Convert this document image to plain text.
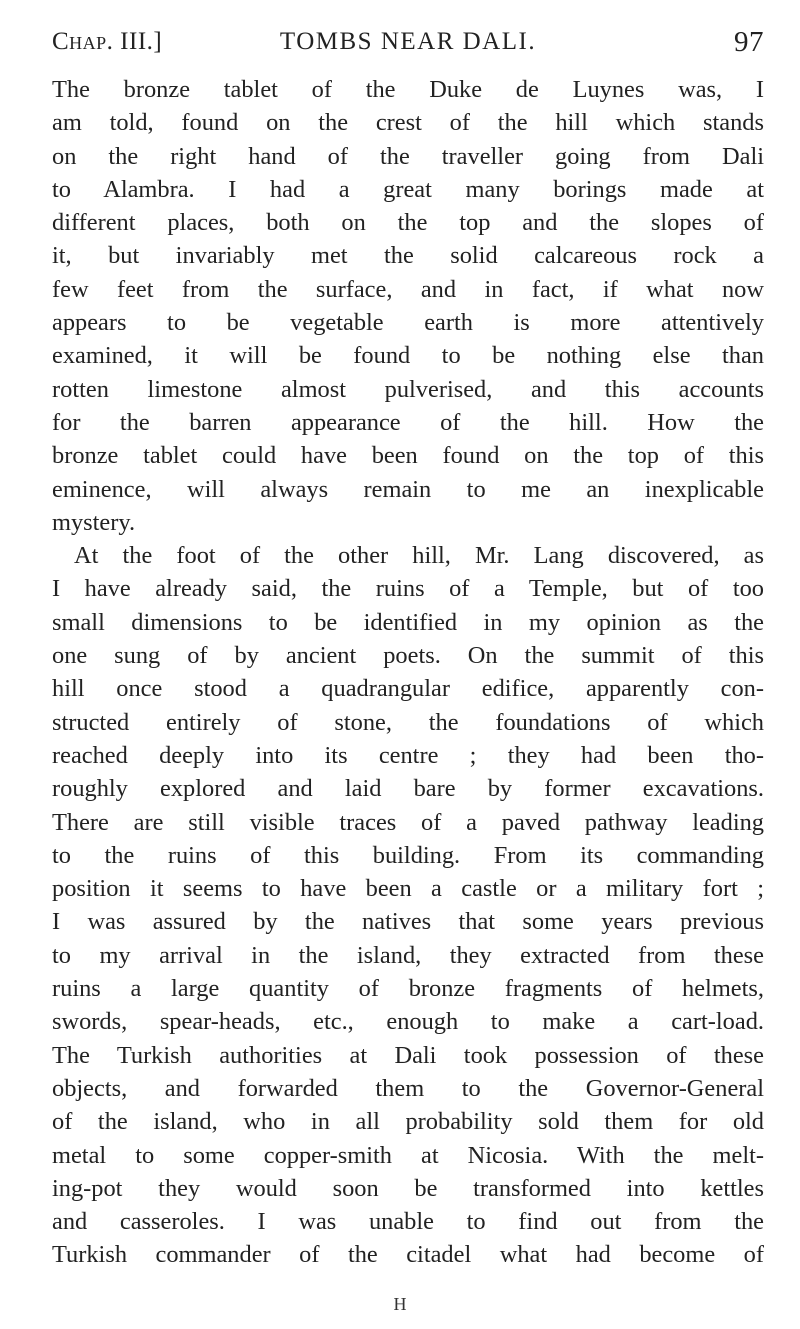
Chap. III.]	TOMBS NEAR DALI.	97
The bronze tablet of the Duke de Luynes was, I
am told, found on the crest of the hill which stands
on the right hand of the traveller going from Dali
to Alambra. I had a great many borings made at
different places, both on the top and the slopes of
it, but invariably met the solid calcareous rock a
few feet from the surface, and in fact, if what now
appears to be vegetable earth is more attentively
examined, it will be found to be nothing else than
rotten limestone almost pulverised, and this accounts
for the barren appearance of the hill. How the
bronze tablet could have been found on the top of this
eminence, will always remain to me an inexplicable
mystery.
At the foot of the other hill, Mr. Lang discovered, as
I have already said, the ruins of a Temple, but of too
small dimensions to be identified in my opinion as the
one sung of by ancient poets. On the summit of this
hill once stood a quadrangular edifice, apparently con-
structed entirely of stone, the foundations of which
reached deeply into its centre ; they had been tho-
roughly explored and laid bare by former excavations.
There are still visible traces of a paved pathway leading
to the ruins of this building. From its commanding
position it seems to have been a castle or a military fort ;
I was assured by the natives that some years previous
to my arrival in the island, they extracted from these
ruins a large quantity of bronze fragments of helmets,
swords, spear-heads, etc., enough to make a cart-load.
The Turkish authorities at Dali took possession of these
objects, and forwarded them to the Governor-General
of the island, who in all probability sold them for old
metal to some copper-smith at Nicosia. With the melt-
ing-pot they would soon be transformed into kettles
and casseroles. I was unable to find out from the
Turkish commander of the citadel what had become of
H
